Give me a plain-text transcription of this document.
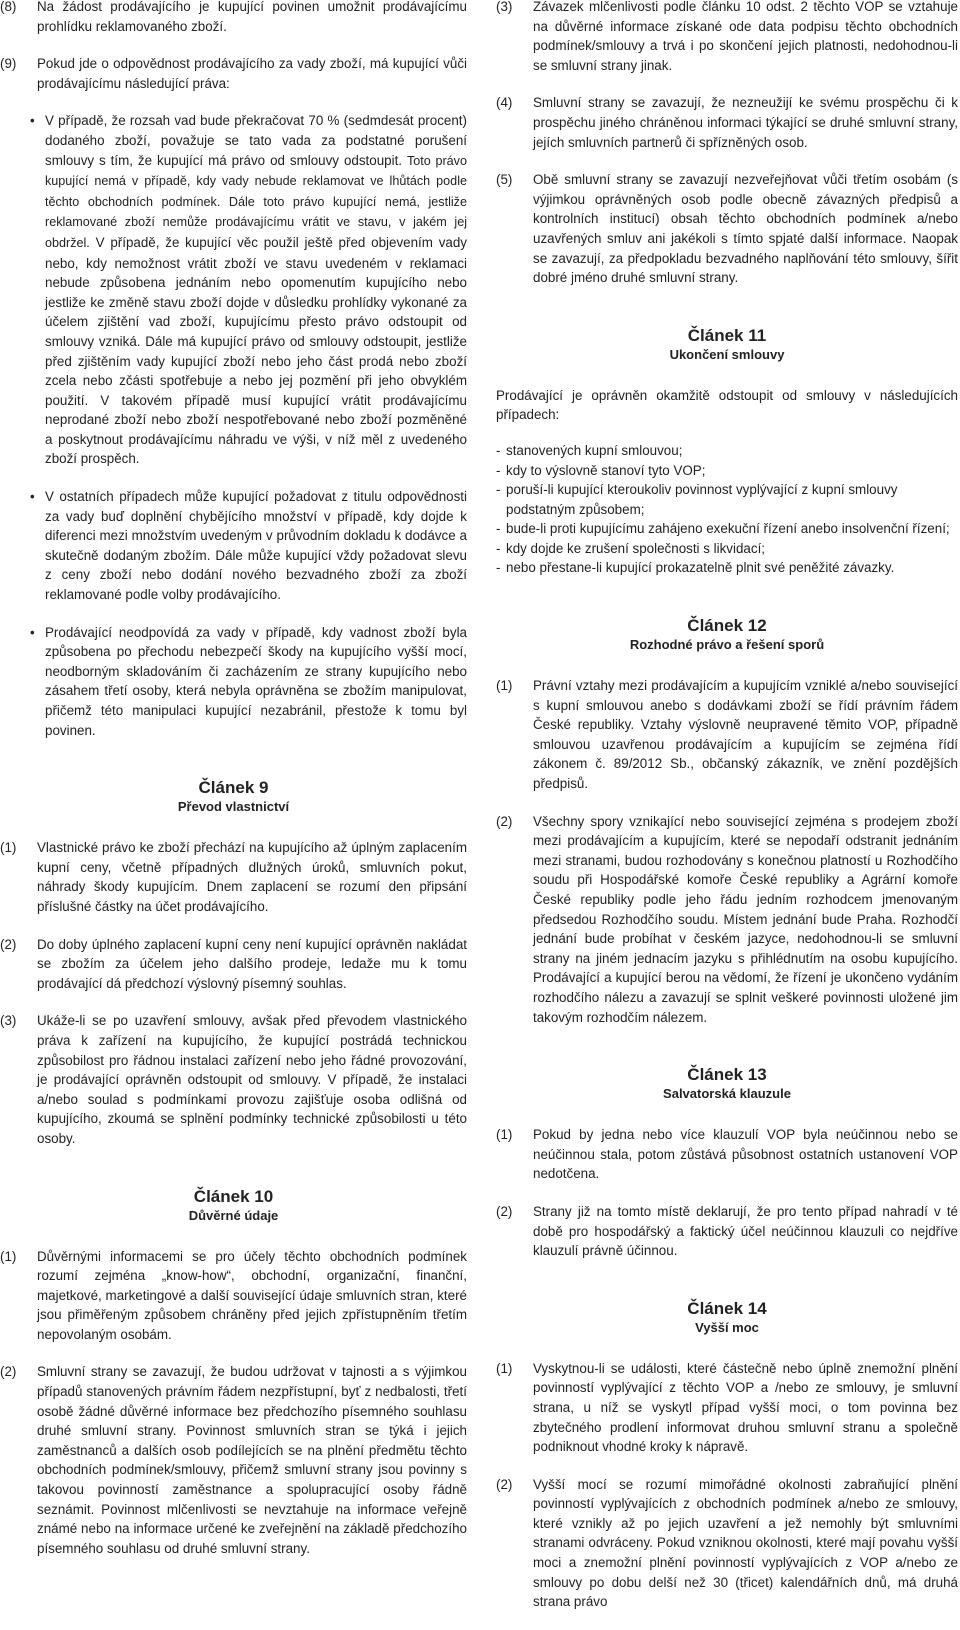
(8) Na žádost prodávajícího je kupující povinen umožnit prodávajícímu prohlídku reklamovaného zboží.
(9) Pokud jde o odpovědnost prodávajícího za vady zboží, má kupující vůči prodávajícímu následující práva:
• V případě, že rozsah vad bude překračovat 70 % (sedmdesát procent) dodaného zboží, považuje se tato vada za podstatné porušení smlouvy s tím, že kupující má právo od smlouvy odstoupit. Toto právo kupující nemá v případě, kdy vady nebude reklamovat ve lhůtách podle těchto obchodních podmínek. Dále toto právo kupující nemá, jestliže reklamované zboží nemůže prodávajícímu vrátit ve stavu, v jakém jej obdržel. V případě, že kupující věc použil ještě před objevením vady nebo, kdy nemožnost vrátit zboží ve stavu uvedeném v reklamaci nebude způsobena jednáním nebo opomenutím kupujícího nebo jestliže ke změně stavu zboží dojde v důsledku prohlídky vykonané za účelem zjištění vad zboží, kupujícímu přesto právo odstoupit od smlouvy vzniká. Dále má kupující právo od smlouvy odstoupit, jestliže před zjištěním vady kupující zboží nebo jeho část prodá nebo zboží zcela nebo zčásti spotřebuje a nebo jej pozmění při jeho obvyklém použití. V takovém případě musí kupující vrátit prodávajícímu neprodané zboží nebo zboží nespotřebované nebo zboží pozměněné a poskytnout prodávajícímu náhradu ve výši, v níž měl z uvedeného zboží prospěch.
• V ostatních případech může kupující požadovat z titulu odpovědnosti za vady buď doplnění chybějícího množství v případě, kdy dojde k diferenci mezi množstvím uvedeným v průvodním dokladu k dodávce a skutečně dodaným zbožím. Dále může kupující vždy požadovat slevu z ceny zboží nebo dodání nového bezvadného zboží za zboží reklamované podle volby prodávajícího.
• Prodávající neodpovídá za vady v případě, kdy vadnost zboží byla způsobena po přechodu nebezpečí škody na kupujícího vyšší mocí, neodborným skladováním či zacházením ze strany kupujícího nebo zásahem třetí osoby, která nebyla oprávněna se zbožím manipulovat, přičemž této manipulaci kupující nezabránil, přestože k tomu byl povinen.
Článek 9
Převod vlastnictví
(1) Vlastnické právo ke zboží přechází na kupujícího až úplným zaplacením kupní ceny, včetně případných dlužných úroků, smluvních pokut, náhrady škody kupujícím. Dnem zaplacení se rozumí den připsání příslušné částky na účet prodávajícího.
(2) Do doby úplného zaplacení kupní ceny není kupující oprávněn nakládat se zbožím za účelem jeho dalšího prodeje, ledaže mu k tomu prodávající dá předchozí výslovný písemný souhlas.
(3) Ukáže-li se po uzavření smlouvy, avšak před převodem vlastnického práva k zařízení na kupujícího, že kupující postrádá technickou způsobilost pro řádnou instalaci zařízení nebo jeho řádné provozování, je prodávající oprávněn odstoupit od smlouvy. V případě, že instalaci a/nebo soulad s podmínkami provozu zajišťuje osoba odlišná od kupujícího, zkoumá se splnění podmínky technické způsobilosti u této osoby.
Článek 10
Důvěrné údaje
(1) Důvěrnými informacemi se pro účely těchto obchodních podmínek rozumí zejména „know-how“, obchodní, organizační, finanční, majetkové, marketingové a další související údaje smluvních stran, které jsou přiměřeným způsobem chráněny před jejich zpřístupněním třetím nepovolaným osobám.
(2) Smluvní strany se zavazují, že budou udržovat v tajnosti a s výjimkou případů stanovených právním řádem nezpřístupní, byť z nedbalosti, třetí osobě žádné důvěrné informace bez předchozího písemného souhlasu druhé smluvní strany. Povinnost smluvních stran se týká i jejich zaměstnanců a dalších osob podílejících se na plnění předmětu těchto obchodních podmínek/smlouvy, přičemž smluvní strany jsou povinny s takovou povinností zaměstnance a spolupracující osoby řádně seznámit. Povinnost mlčenlivosti se nevztahuje na informace veřejně známé nebo na informace určené ke zveřejnění na základě předchozího písemného souhlasu od druhé smluvní strany.
(3) Závazek mlčenlivosti podle článku 10 odst. 2 těchto VOP se vztahuje na důvěrné informace získané ode data podpisu těchto obchodních podmínek/smlouvy a trvá i po skončení jejich platnosti, nedohodnou-li se smluvní strany jinak.
(4) Smluvní strany se zavazují, že nezneužijí ke svému prospěchu či k prospěchu jiného chráněnou informaci týkající se druhé smluvní strany, jejích smluvních partnerů či spřízněných osob.
(5) Obě smluvní strany se zavazují nezveřejňovat vůči třetím osobám (s výjimkou oprávněných osob podle obecně závazných předpisů a kontrolních institucí) obsah těchto obchodních podmínek a/nebo uzavřených smluv ani jakékoli s tímto spjaté další informace. Naopak se zavazují, za předpokladu bezvadného naplňování této smlouvy, šířit dobré jméno druhé smluvní strany.
Článek 11
Ukončení smlouvy
Prodávající je oprávněn okamžitě odstoupit od smlouvy v následujících případech:
- stanovených kupní smlouvou;
- kdy to výslovně stanoví tyto VOP;
- poruší-li kupující kteroukoliv povinnost vyplývající z kupní smlouvy podstatným způsobem;
- bude-li proti kupujícímu zahájeno exekuční řízení anebo insolvenční řízení;
- kdy dojde ke zrušení společnosti s likvidací;
- nebo přestane-li kupující prokazatelně plnit své peněžité závazky.
Článek 12
Rozhodné právo a řešení sporů
(1) Právní vztahy mezi prodávajícím a kupujícím vzniklé a/nebo související s kupní smlouvou anebo s dodávkami zboží se řídí právním řádem České republiky. Vztahy výslovně neupravené těmito VOP, případně smlouvou uzavřenou prodávajícím a kupujícím se zejména řídí zákonem č. 89/2012 Sb., občanský zákazník, ve znění pozdějších předpisů.
(2) Všechny spory vznikající nebo související zejména s prodejem zboží mezi prodávajícím a kupujícím, které se nepodaří odstranit jednáním mezi stranami, budou rozhodovány s konečnou platností u Rozhodčího soudu při Hospodářské komoře České republiky a Agrární komoře České republiky podle jeho řádu jedním rozhodcem jmenovaným předsedou Rozhodčího soudu. Místem jednání bude Praha. Rozhodčí jednání bude probíhat v českém jazyce, nedohodnou-li se smluvní strany na jiném jednacím jazyku s přihlédnutím na osobu kupujícího. Prodávající a kupující berou na vědomí, že řízení je ukončeno vydáním rozhodčího nálezu a zavazují se splnit veškeré povinnosti uložené jim takovým rozhodčím nálezem.
Článek 13
Salvatorská klauzule
(1) Pokud by jedna nebo více klauzulí VOP byla neúčinnou nebo se neúčinnou stala, potom zůstává působnost ostatních ustanovení VOP nedotčena.
(2) Strany již na tomto místě deklarují, že pro tento případ nahradí v té době pro hospodářský a faktický účel neúčinnou klauzuli co nejdříve klauzulí právně účinnou.
Článek 14
Vyšší moc
(1) Vyskytnou-li se události, které částečně nebo úplně znemožní plnění povinností vyplývající z těchto VOP a /nebo ze smlouvy, je smluvní strana, u níž se vyskytl případ vyšší moci, o tom povinna bez zbytečného prodlení informovat druhou smluvní stranu a společně podniknout vhodné kroky k nápravě.
(2) Vyšší mocí se rozumí mimořádné okolnosti zabraňující plnění povinností vyplývajících z obchodních podmínek a/nebo ze smlouvy, které vznikly až po jejich uzavření a jež nemohly být smluvními stranami odvráceny. Pokud vzniknou okolnosti, které mají povahu vyšší moci a znemožní plnění povinností vyplývajících z VOP a/nebo ze smlouvy po dobu delší než 30 (třicet) kalendářních dnů, má druhá strana právo
